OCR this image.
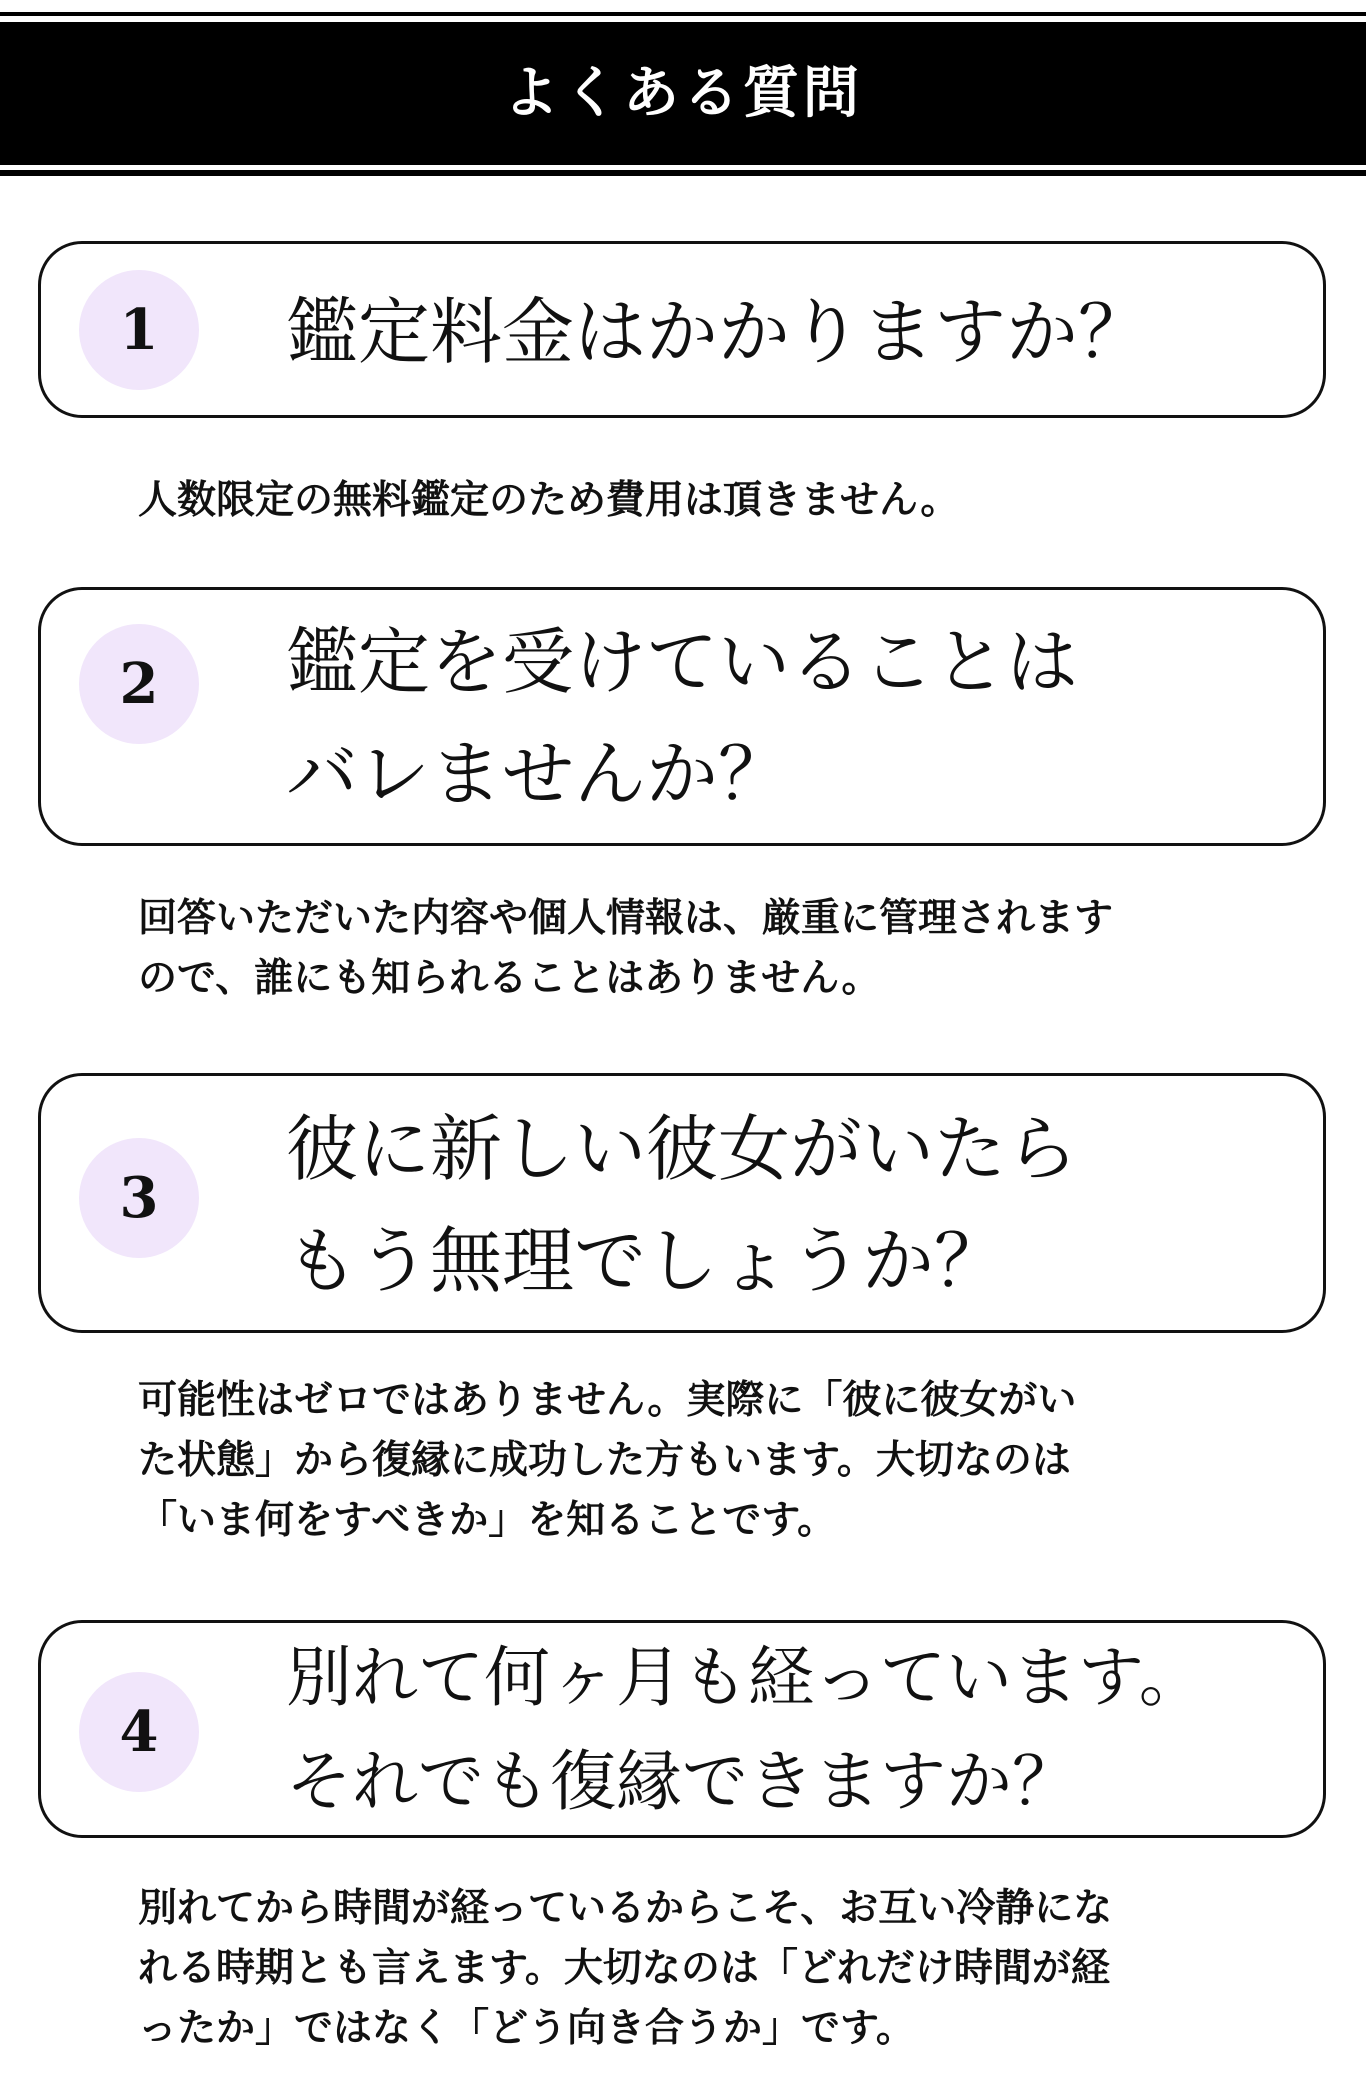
よくある質問
1	鑑定料金はかかりますか？
人数限定の無料鑑定のため費用は頂きません。
2	鑑定を受けていることは
バレませんか？
回答いただいた内容や個人情報は、厳重に管理されます
ので、誰にも知られることはありません。
3
彼に新しい彼女がいたら
もう無理でしょうか？
可能性はゼロではありません。実際に「彼に彼女がい
た状態」から復縁に成功した方もいます。大切なのは
「いま何をすべきか」を知ることです。
4
別れて何ヶ月も経っています。
それでも復縁できますか？
別れてから時間が経っているからこそ、お互い冷静にな
れる時期とも言えます。大切なのは「どれだけ時間が経
ったか」ではなく「どう向き合うか」です。
